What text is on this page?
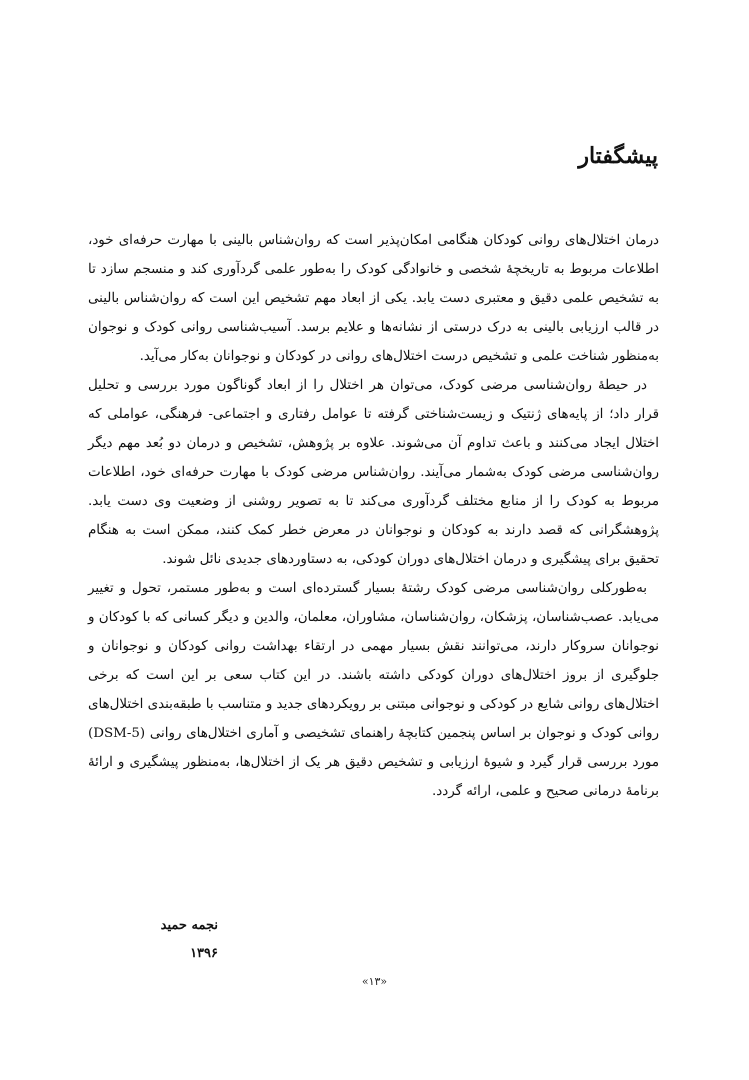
پیشگفتار

درمان اختلال‌های روانی کودکان هنگامی امکان‌پذیر است که روان‌شناس بالینی با مهارت حرفه‌ای خود، اطلاعات مربوط به تاریخچهٔ شخصی و خانوادگی کودک را به‌طور علمی گردآوری کند و منسجم سازد تا به تشخیص علمی دقیق و معتبری دست یابد. یکی از ابعاد مهم تشخیص این است که روان‌شناس بالینی در قالب ارزیابی بالینی به درک درستی از نشانه‌ها و علایم برسد. آسیب‌شناسی روانی کودک و نوجوان به‌منظور شناخت علمی و تشخیص درست اختلال‌های روانی در کودکان و نوجوانان به‌کار می‌آید.

در حیطهٔ روان‌شناسی مرضی کودک، می‌توان هر اختلال را از ابعاد گوناگون مورد بررسی و تحلیل قرار داد؛ از پایه‌های ژنتیک و زیست‌شناختی گرفته تا عوامل رفتاری و اجتماعی- فرهنگی، عواملی که اختلال ایجاد می‌کنند و باعث تداوم آن می‌شوند. علاوه بر پژوهش، تشخیص و درمان دو بُعد مهم دیگر روان‌شناسی مرضی کودک به‌شمار می‌آیند. روان‌شناس مرضی کودک با مهارت حرفه‌ای خود، اطلاعات مربوط به کودک را از منابع مختلف گردآوری می‌کند تا به تصویر روشنی از وضعیت وی دست یابد. پژوهشگرانی که قصد دارند به کودکان و نوجوانان در معرض خطر کمک کنند، ممکن است به هنگام تحقیق برای پیشگیری و درمان اختلال‌های دوران کودکی، به دستاوردهای جدیدی نائل شوند.

به‌طورکلی روان‌شناسی مرضی کودک رشتهٔ بسیار گسترده‌ای است و به‌طور مستمر، تحول و تغییر می‌یابد. عصب‌شناسان، پزشکان، روان‌شناسان، مشاوران، معلمان، والدین و دیگر کسانی که با کودکان و نوجوانان سروکار دارند، می‌توانند نقش بسیار مهمی در ارتقاء بهداشت روانی کودکان و نوجوانان و جلوگیری از بروز اختلال‌های دوران کودکی داشته باشند. در این کتاب سعی بر این است که برخی اختلال‌های روانی شایع در کودکی و نوجوانی مبتنی بر رویکردهای جدید و متناسب با طبقه‌بندی اختلال‌های روانی کودک و نوجوان بر اساس پنجمین کتابچهٔ راهنمای تشخیصی و آماری اختلال‌های روانی (DSM-5) مورد بررسی قرار گیرد و شیوهٔ ارزیابی و تشخیص دقیق هر یک از اختلال‌ها، به‌منظور پیشگیری و ارائهٔ برنامهٔ درمانی صحیح و علمی، ارائه گردد.

نجمه حمید
۱۳۹۶
«۱۳»
